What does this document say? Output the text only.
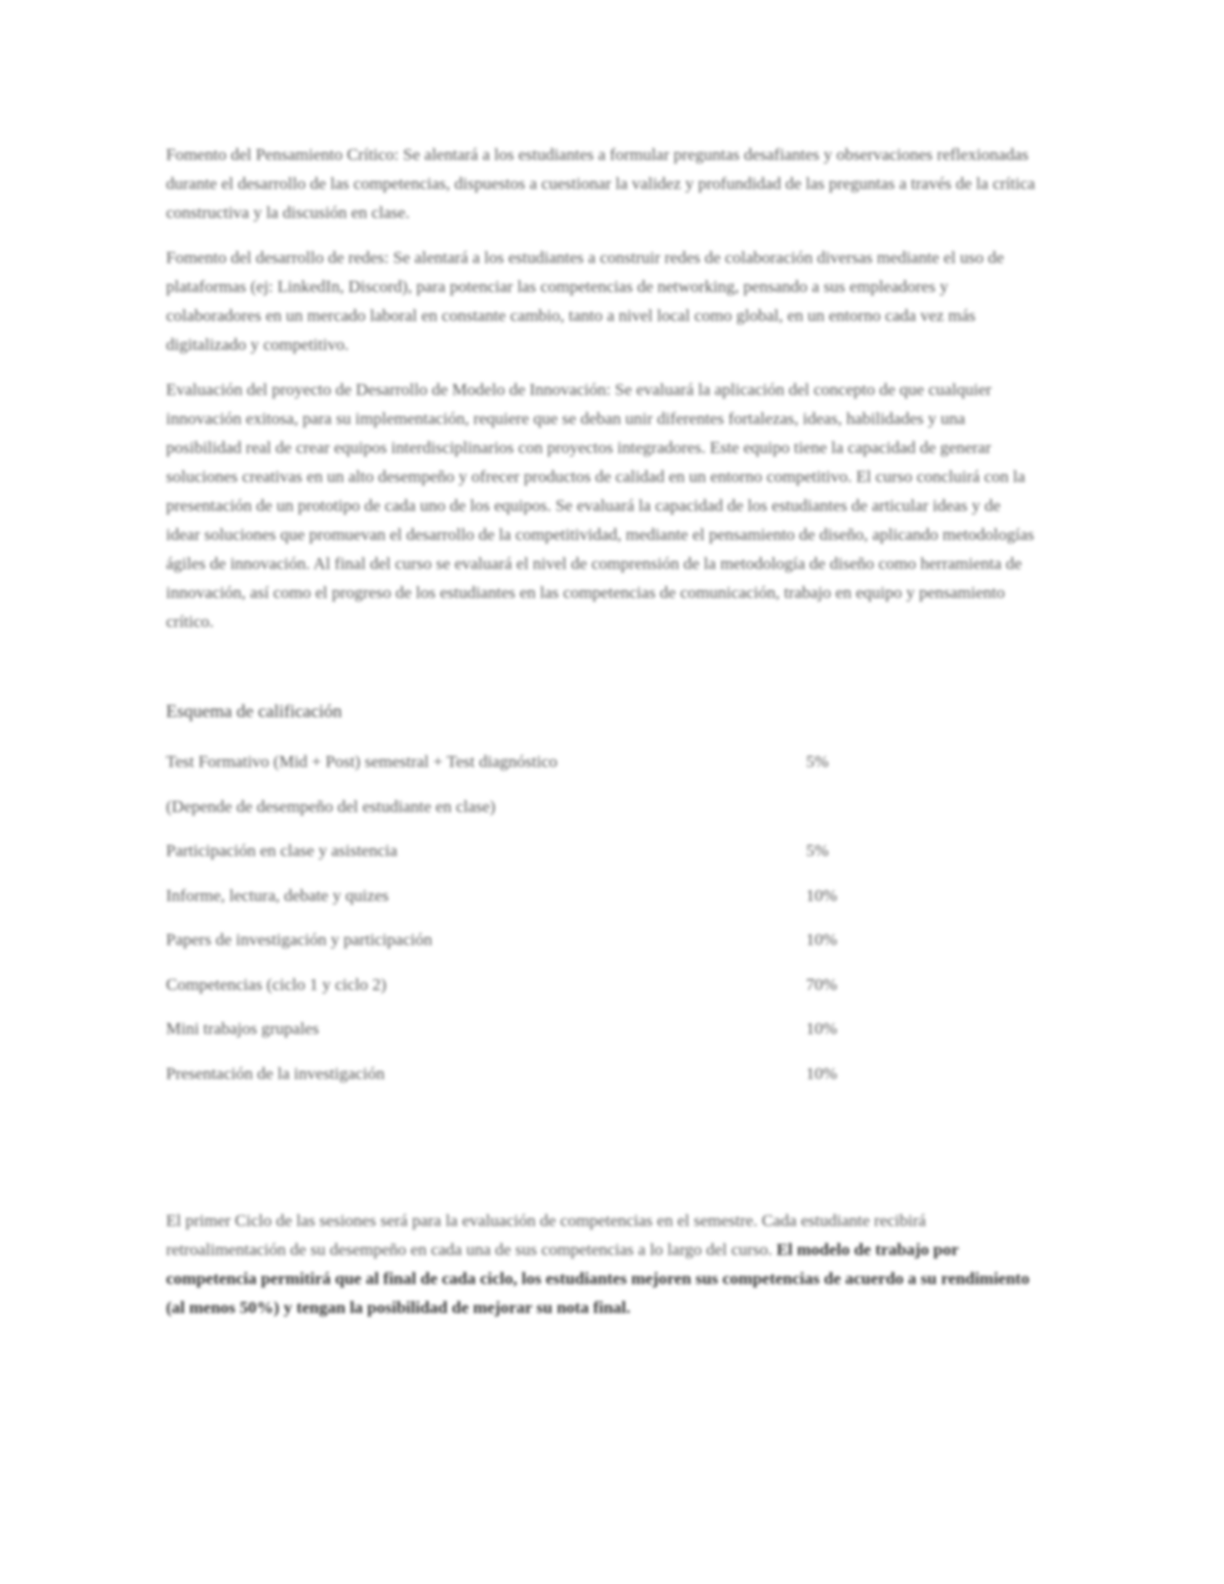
Fomento del Pensamiento Crítico: Se alentará a los estudiantes a formular preguntas desafiantes y observaciones reflexionadas durante el desarrollo de las competencias, dispuestos a cuestionar la validez y profundidad de las preguntas a través de la crítica constructiva y la discusión en clase.

Fomento del desarrollo de redes: Se alentará a los estudiantes a construir redes de colaboración diversas mediante el uso de plataformas (ej: LinkedIn, Discord), para potenciar las competencias de networking, pensando a sus empleadores y colaboradores en un mercado laboral en constante cambio, tanto a nivel local como global, en un entorno cada vez más digitalizado y competitivo.

Evaluación del proyecto de Desarrollo de Modelo de Innovación: Se evaluará la aplicación del concepto de que cualquier innovación exitosa, para su implementación, requiere que se deban unir diferentes fortalezas, ideas, habilidades y una posibilidad real de crear equipos interdisciplinarios con proyectos integradores. Este equipo tiene la capacidad de generar soluciones creativas en un alto desempeño y ofrecer productos de calidad en un entorno competitivo. El curso concluirá con la presentación de un prototipo de cada uno de los equipos. Se evaluará la capacidad de los estudiantes de articular ideas y de idear soluciones que promuevan el desarrollo de la competitividad, mediante el pensamiento de diseño, aplicando metodologías ágiles de innovación. Al final del curso se evaluará el nivel de comprensión de la metodología de diseño como herramienta de innovación, así como el progreso de los estudiantes en las competencias de comunicación, trabajo en equipo y pensamiento crítico.

Esquema de calificación
Test Formativo (Mid + Post) semestral + Test diagnóstico	5%
(Depende de desempeño del estudiante en clase)	
Participación en clase y asistencia	5%
Informe, lectura, debate y quizes	10%
Papers de investigación y participación	10%
Competencias (ciclo 1 y ciclo 2)	70%
Mini trabajos grupales	10%
Presentación de la investigación	10%

El primer Ciclo de las sesiones será para la evaluación de competencias en el semestre. Cada estudiante recibirá retroalimentación de su desempeño en cada una de sus competencias a lo largo del curso. El modelo de trabajo por competencia permitirá que al final de cada ciclo, los estudiantes mejoren sus competencias de acuerdo a su rendimiento (al menos 50%) y tengan la posibilidad de mejorar su nota final.
